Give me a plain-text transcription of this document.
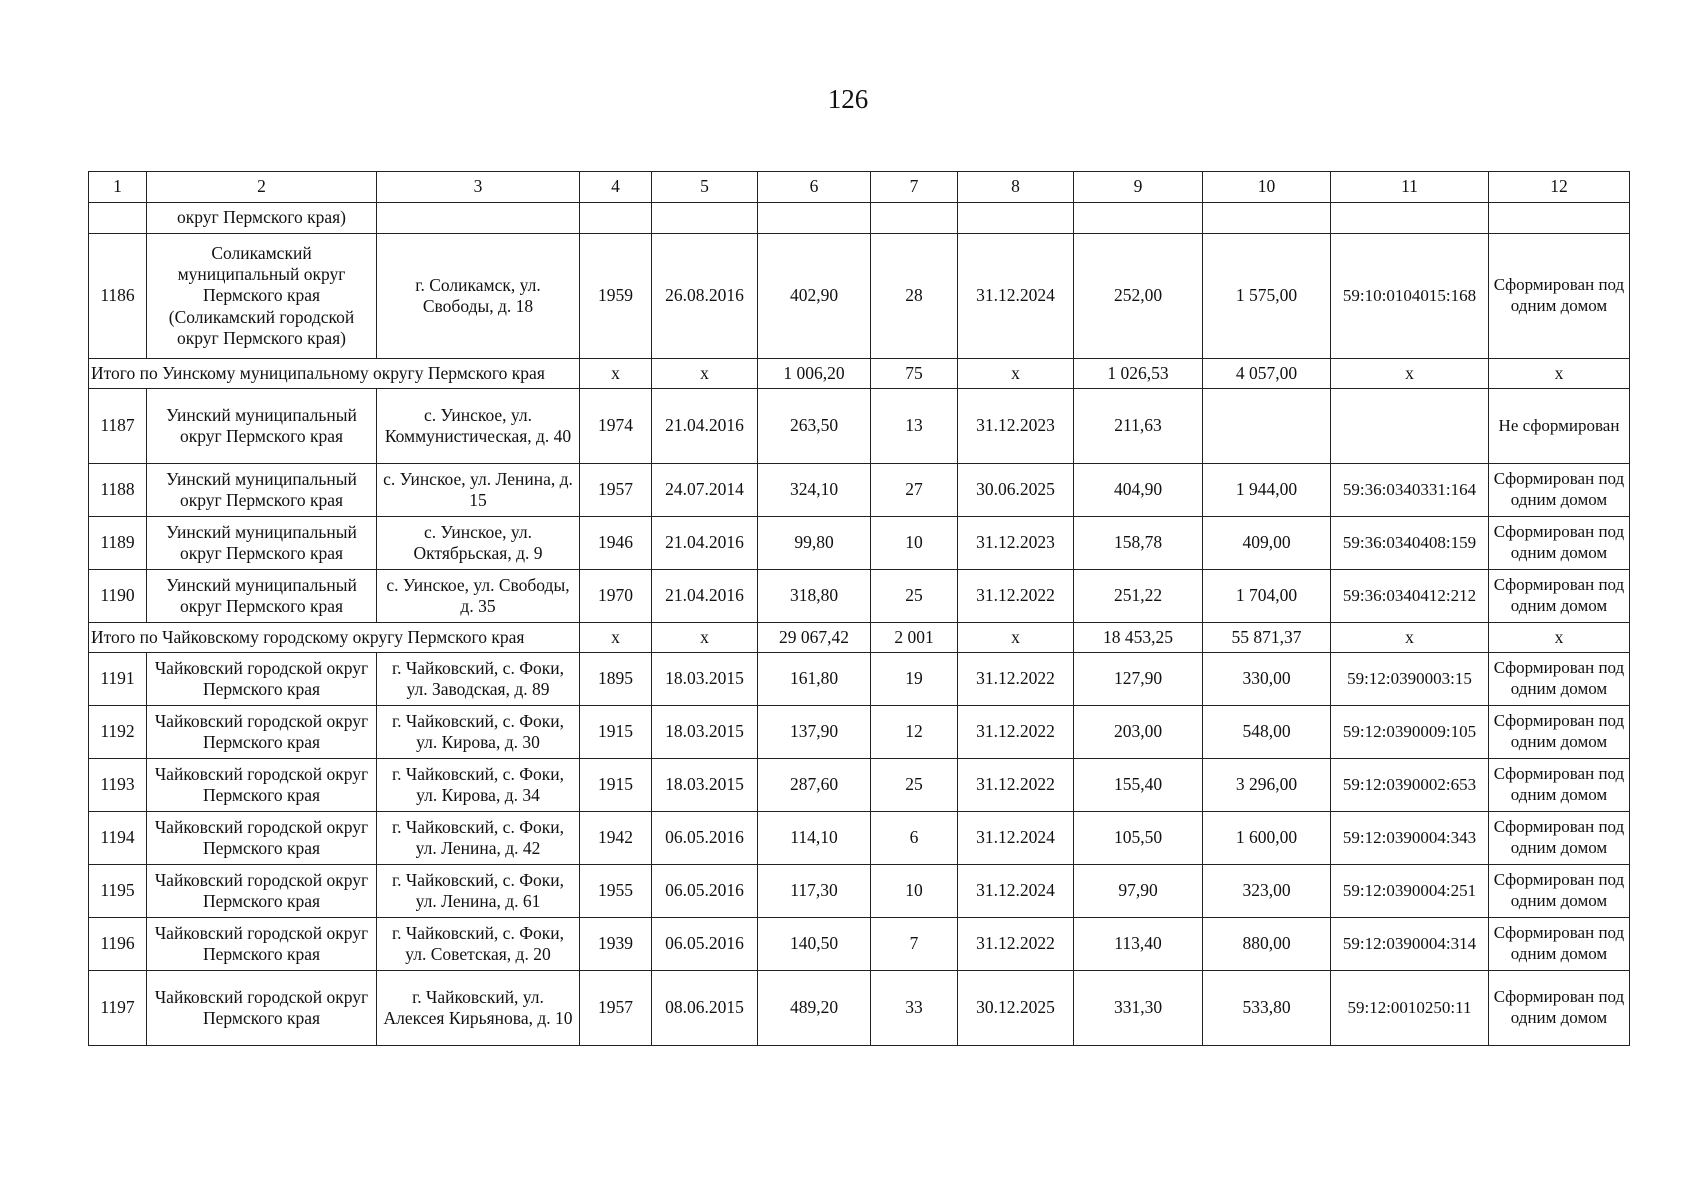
126
1	2	3	4	5	6	7	8	9	10	11	12
	округ Пермского края)										
1186	Соликамский муниципальный округ Пермского края (Соликамский городской округ Пермского края)	г. Соликамск, ул. Свободы, д. 18	1959	26.08.2016	402,90	28	31.12.2024	252,00	1 575,00	59:10:0104015:168	Сформирован под одним домом
Итого по Уинскому муниципальному округу Пермского края			x	x	1 006,20	75	x	1 026,53	4 057,00	x	x
1187	Уинский муниципальный округ Пермского края	с. Уинское, ул. Коммунистическая, д. 40	1974	21.04.2016	263,50	13	31.12.2023	211,63			Не сформирован
1188	Уинский муниципальный округ Пермского края	с. Уинское, ул. Ленина, д. 15	1957	24.07.2014	324,10	27	30.06.2025	404,90	1 944,00	59:36:0340331:164	Сформирован под одним домом
1189	Уинский муниципальный округ Пермского края	с. Уинское, ул. Октябрьская, д. 9	1946	21.04.2016	99,80	10	31.12.2023	158,78	409,00	59:36:0340408:159	Сформирован под одним домом
1190	Уинский муниципальный округ Пермского края	с. Уинское, ул. Свободы, д. 35	1970	21.04.2016	318,80	25	31.12.2022	251,22	1 704,00	59:36:0340412:212	Сформирован под одним домом
Итого по Чайковскому городскому округу Пермского края			x	x	29 067,42	2 001	x	18 453,25	55 871,37	x	x
1191	Чайковский городской округ Пермского края	г. Чайковский, с. Фоки, ул. Заводская, д. 89	1895	18.03.2015	161,80	19	31.12.2022	127,90	330,00	59:12:0390003:15	Сформирован под одним домом
1192	Чайковский городской округ Пермского края	г. Чайковский, с. Фоки, ул. Кирова, д. 30	1915	18.03.2015	137,90	12	31.12.2022	203,00	548,00	59:12:0390009:105	Сформирован под одним домом
1193	Чайковский городской округ Пермского края	г. Чайковский, с. Фоки, ул. Кирова, д. 34	1915	18.03.2015	287,60	25	31.12.2022	155,40	3 296,00	59:12:0390002:653	Сформирован под одним домом
1194	Чайковский городской округ Пермского края	г. Чайковский, с. Фоки, ул. Ленина, д. 42	1942	06.05.2016	114,10	6	31.12.2024	105,50	1 600,00	59:12:0390004:343	Сформирован под одним домом
1195	Чайковский городской округ Пермского края	г. Чайковский, с. Фоки, ул. Ленина, д. 61	1955	06.05.2016	117,30	10	31.12.2024	97,90	323,00	59:12:0390004:251	Сформирован под одним домом
1196	Чайковский городской округ Пермского края	г. Чайковский, с. Фоки, ул. Советская, д. 20	1939	06.05.2016	140,50	7	31.12.2022	113,40	880,00	59:12:0390004:314	Сформирован под одним домом
1197	Чайковский городской округ Пермского края	г. Чайковский, ул. Алексея Кирьянова, д. 10	1957	08.06.2015	489,20	33	30.12.2025	331,30	533,80	59:12:0010250:11	Сформирован под одним домом
